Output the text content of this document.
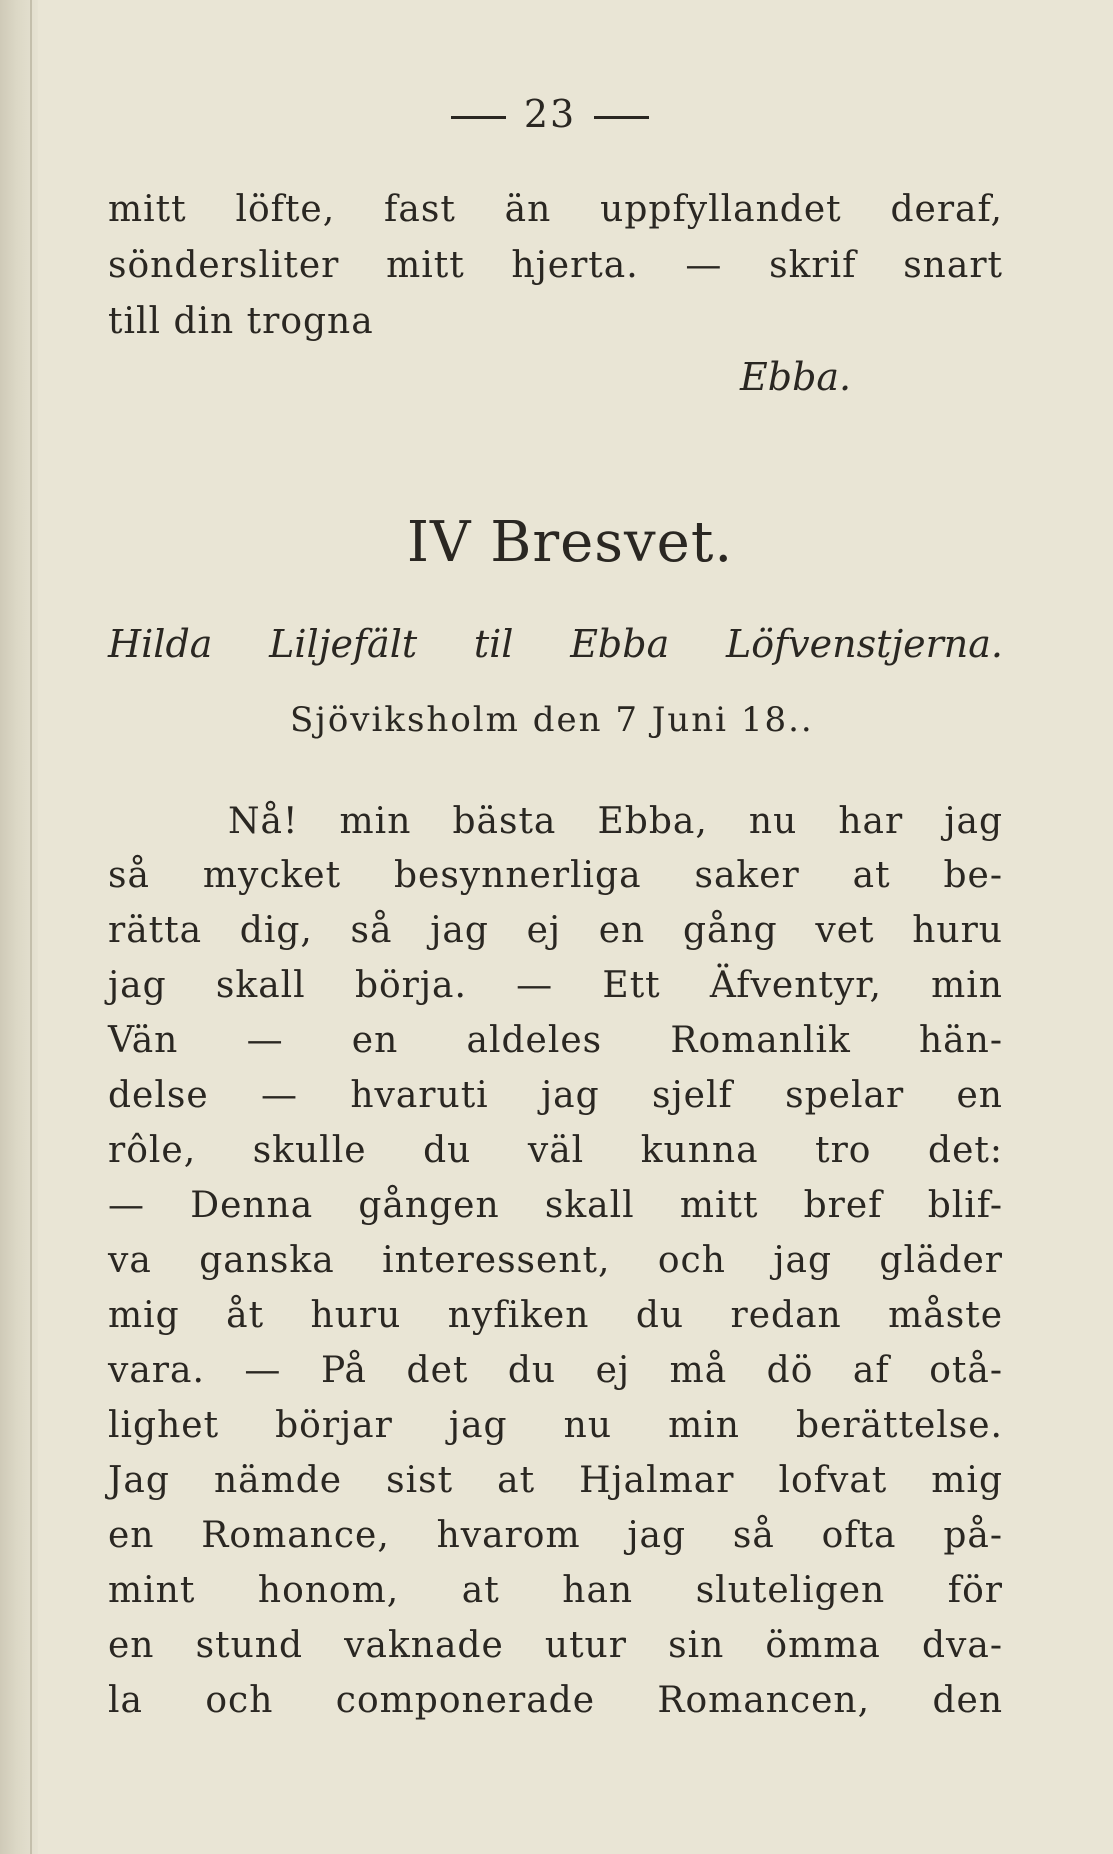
23
mitt löfte, fast än uppfyllandet deraf,
söndersliter mitt hjerta. — skrif snart
till din trogna
Ebba.
IV Bresvet.
Hilda Liljefält til Ebba Löfvenstjerna.
Sjöviksholm den 7 Juni 18..
Nå! min bästa Ebba, nu har jag
så mycket besynnerliga saker at be-
rätta dig, så jag ej en gång vet huru
jag skall börja. — Ett Äfventyr, min
Vän — en aldeles Romanlik hän-
delse — hvaruti jag sjelf spelar en
rôle, skulle du väl kunna tro det:
— Denna gången skall mitt bref blif-
va ganska interessent, och jag gläder
mig åt huru nyfiken du redan måste
vara. — På det du ej må dö af otå-
lighet börjar jag nu min berättelse.
Jag nämde sist at Hjalmar lofvat mig
en Romance, hvarom jag så ofta på-
mint honom, at han sluteligen för
en stund vaknade utur sin ömma dva-
la och componerade Romancen, den
